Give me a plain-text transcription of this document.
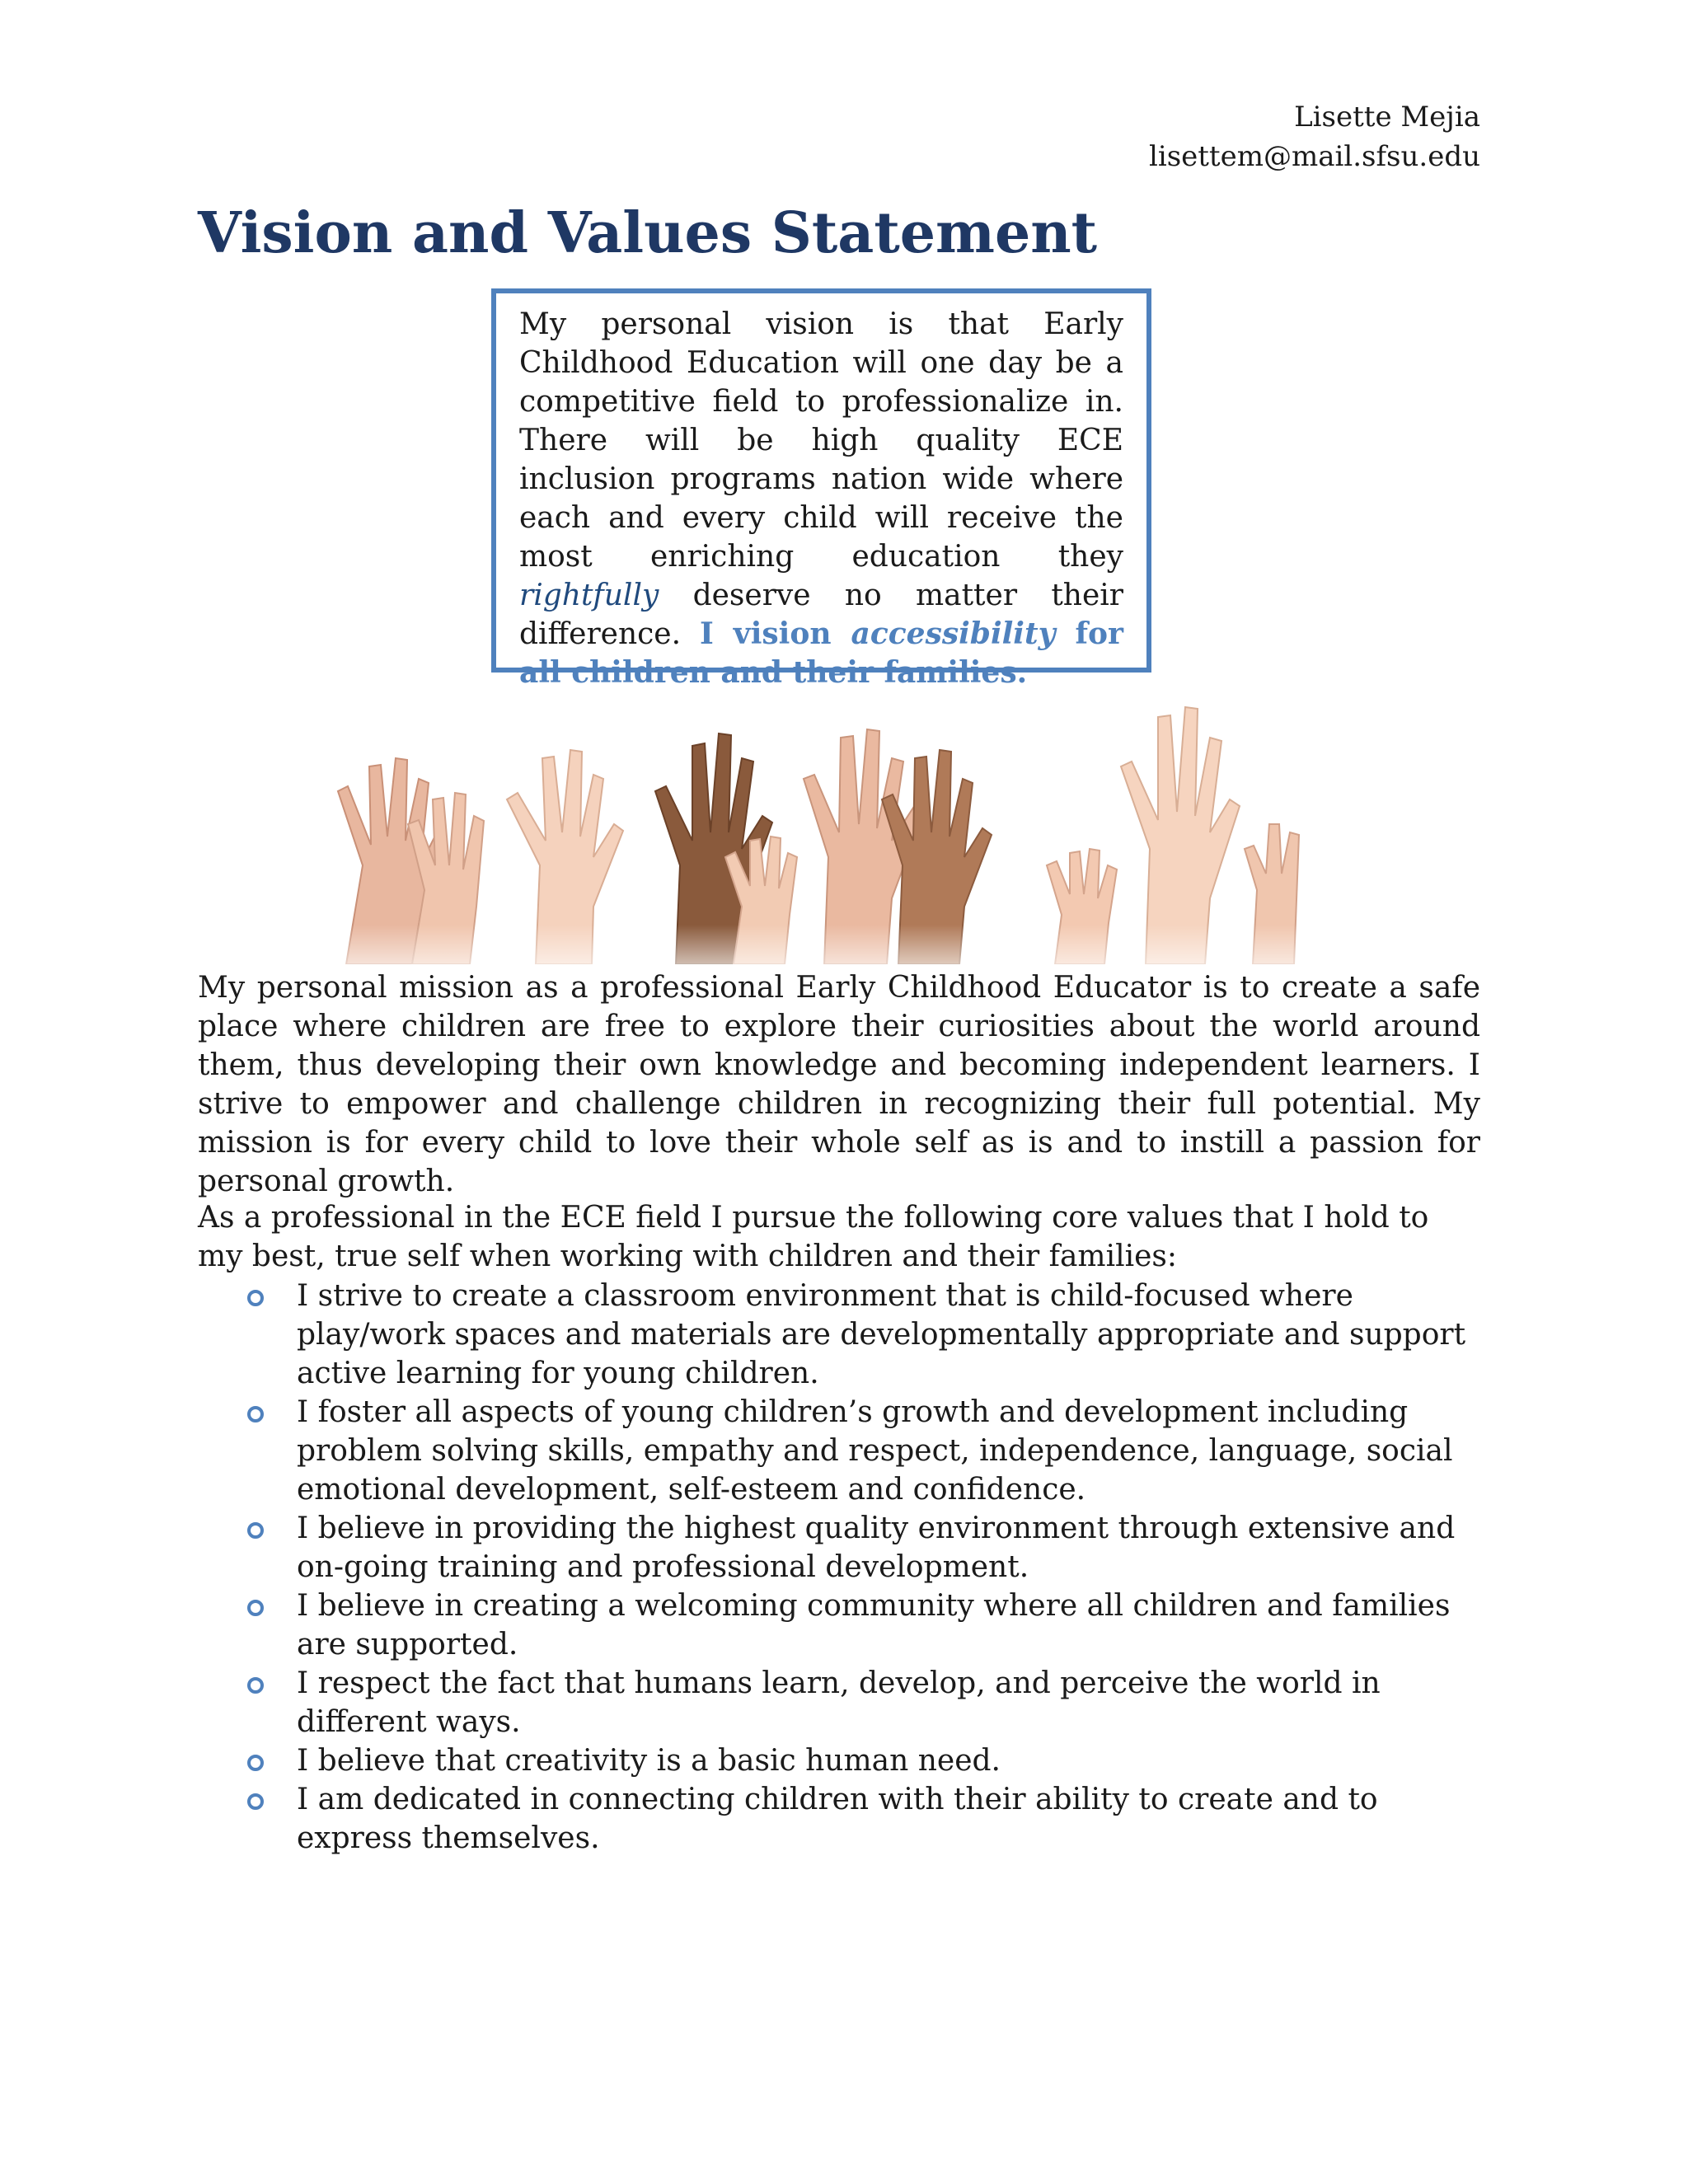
Lisette Mejia
lisettem@mail.sfsu.edu
Vision and Values Statement

My personal vision is that Early Childhood Education will one day be a competitive field to professionalize in. There will be high quality ECE inclusion programs nation wide where each and every child will receive the most enriching education they rightfully deserve no matter their difference. I vision accessibility for all children and their families.

My personal mission as a professional Early Childhood Educator is to create a safe place where children are free to explore their curiosities about the world around them, thus developing their own knowledge and becoming independent learners. I strive to empower and challenge children in recognizing their full potential. My mission is for every child to love their whole self as is and to instill a passion for personal growth.

As a professional in the ECE field I pursue the following core values that I hold to my best, true self when working with children and their families:

I strive to create a classroom environment that is child-focused where play/work spaces and materials are developmentally appropriate and support active learning for young children.
I foster all aspects of young children’s growth and development including problem solving skills, empathy and respect, independence, language, social emotional development, self-esteem and confidence.
I believe in providing the highest quality environment through extensive and on-going training and professional development.
I believe in creating a welcoming community where all children and families are supported.
I respect the fact that humans learn, develop, and perceive the world in different ways.
I believe that creativity is a basic human need.
I am dedicated in connecting children with their ability to create and to express themselves.
